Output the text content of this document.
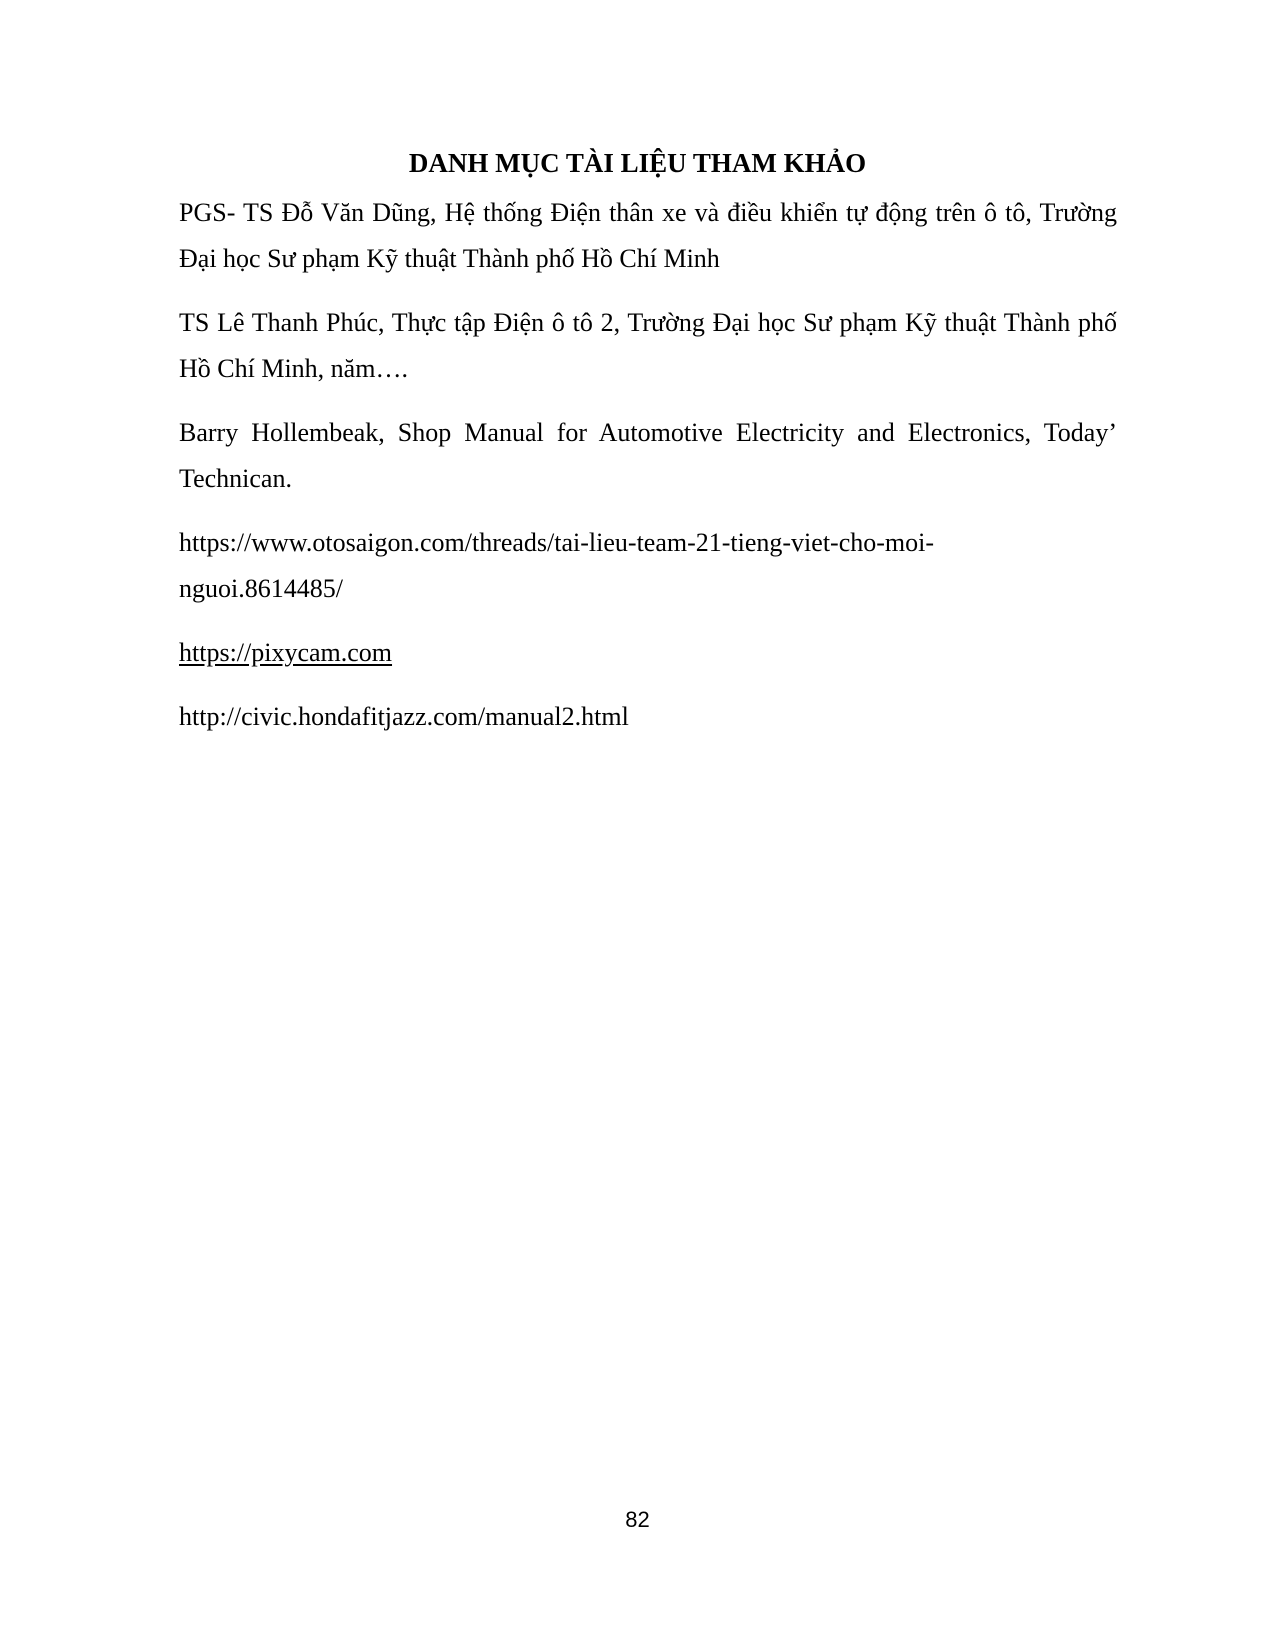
DANH MỤC TÀI LIỆU THAM KHẢO

PGS- TS Đỗ Văn Dũng, Hệ thống Điện thân xe và điều khiển tự động trên ô tô, Trường
Đại học Sư phạm Kỹ thuật Thành phố Hồ Chí Minh

TS Lê Thanh Phúc, Thực tập Điện ô tô 2, Trường Đại học Sư phạm Kỹ thuật Thành phố
Hồ Chí Minh, năm….

Barry Hollembeak, Shop Manual for Automotive Electricity and Electronics, Today’
Technican.

https://www.otosaigon.com/threads/tai-lieu-team-21-tieng-viet-cho-moi-
nguoi.8614485/

https://pixycam.com

http://civic.hondafitjazz.com/manual2.html

82
